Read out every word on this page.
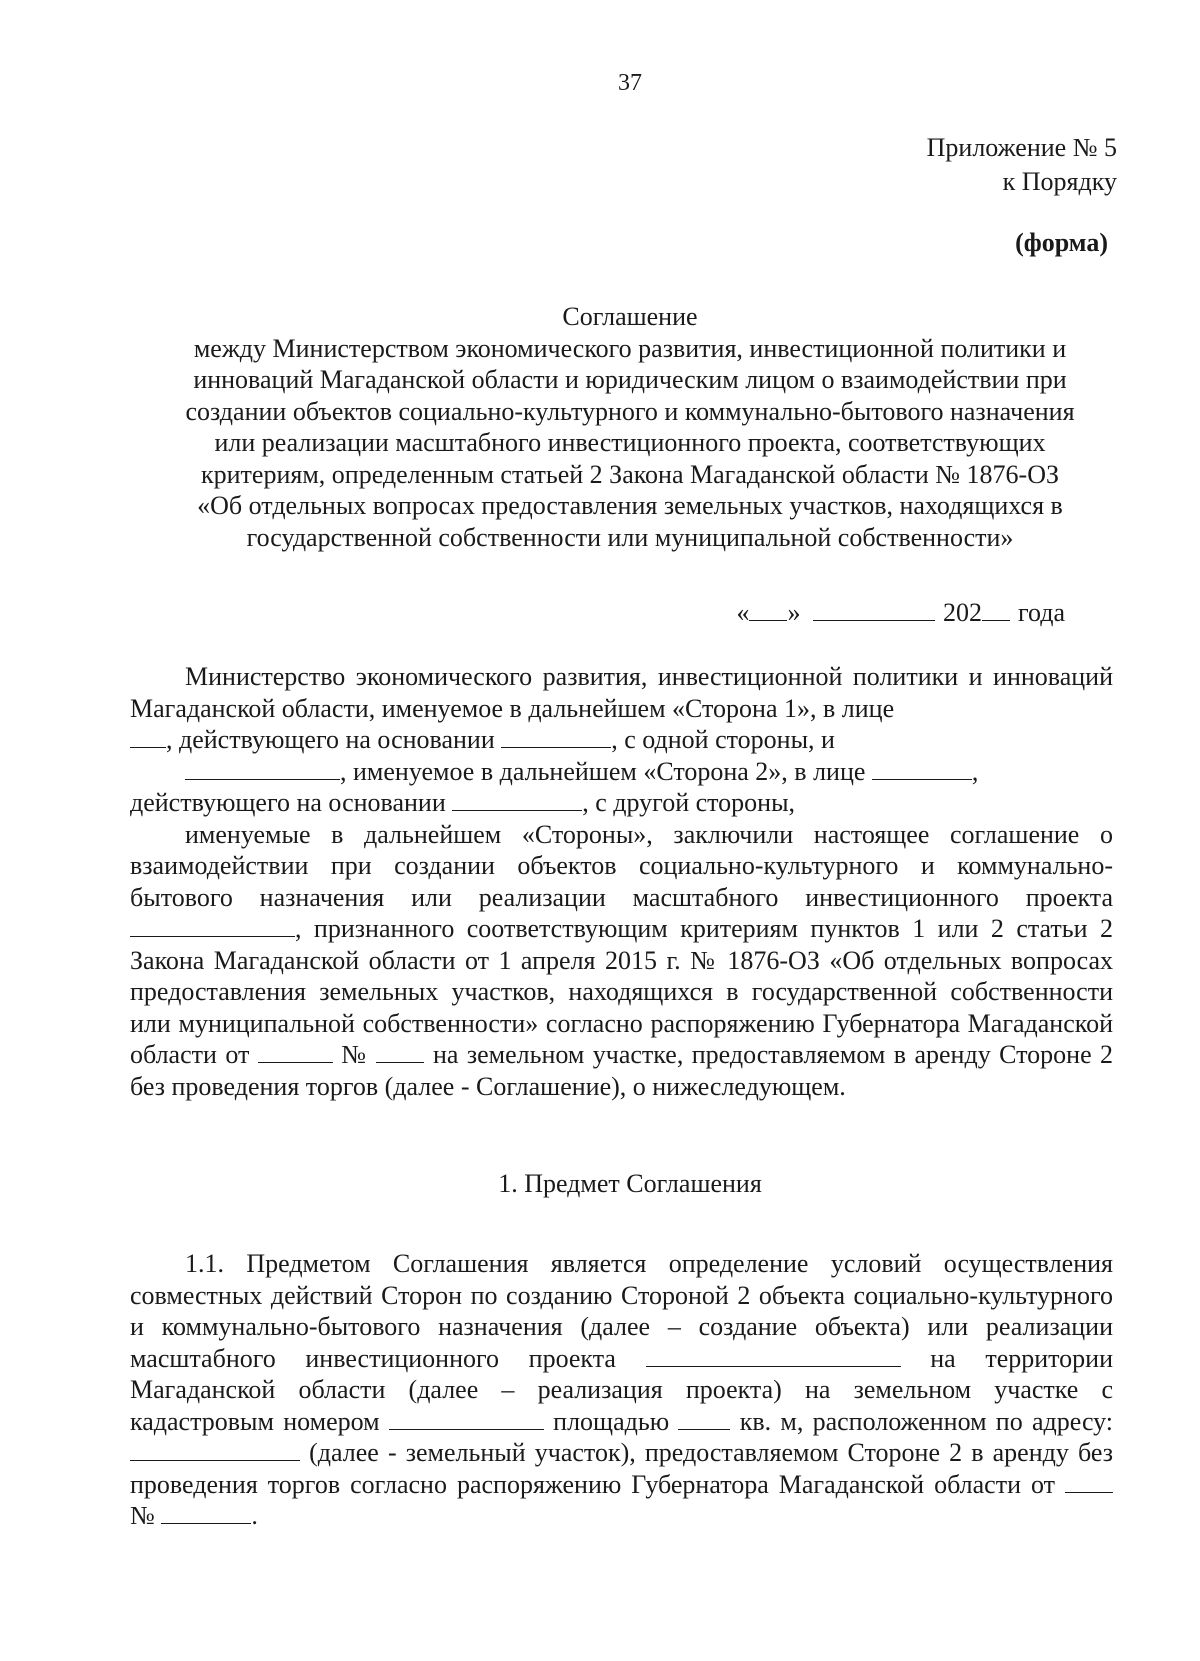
37
Приложение № 5
к Порядку
(форма)
Соглашение
между Министерством экономического развития, инвестиционной политики и
инноваций Магаданской области и юридическим лицом о взаимодействии при
создании объектов социально-культурного и коммунально-бытового назначения
или реализации масштабного инвестиционного проекта, соответствующих
критериям, определенным статьей 2 Закона Магаданской области № 1876-ОЗ
«Об отдельных вопросах предоставления земельных участков, находящихся в
государственной собственности или муниципальной собственности»
« »	202 года

Министерство экономического развития, инвестиционной политики и инноваций Магаданской области, именуемое в дальнейшем «Сторона 1», в лице
, действующего на основании	, с одной стороны, и

, именуемое в дальнейшем «Сторона 2», в лице	,

действующего на основании	, с другой стороны,

именуемые в дальнейшем «Стороны», заключили настоящее соглашение о взаимодействии при создании объектов социально-культурного и коммунально-бытового назначения или реализации масштабного инвестиционного проекта , признанного соответствующим критериям пунктов 1 или 2 статьи 2 Закона Магаданской области от 1 апреля 2015 г. № 1876-ОЗ «Об отдельных вопросах предоставления земельных участков, находящихся в государственной собственности или муниципальной собственности» согласно распоряжению Губернатора Магаданской области от	№ на земельном участке, предоставляемом в аренду Стороне 2 без проведения торгов (далее - Соглашение), о нижеследующем.

1. Предмет Соглашения

1.1. Предметом Соглашения является определение условий осуществления совместных действий Сторон по созданию Стороной 2 объекта социально-культурного и коммунально-бытового назначения (далее – создание объекта) или реализации масштабного инвестиционного проекта	на территории Магаданской области (далее – реализация проекта) на земельном участке с кадастровым номером	площадью	кв. м, расположенном по адресу:  (далее - земельный участок), предоставляемом Стороне 2 в аренду без проведения торгов согласно распоряжению Губернатора Магаданской области от  №	.
